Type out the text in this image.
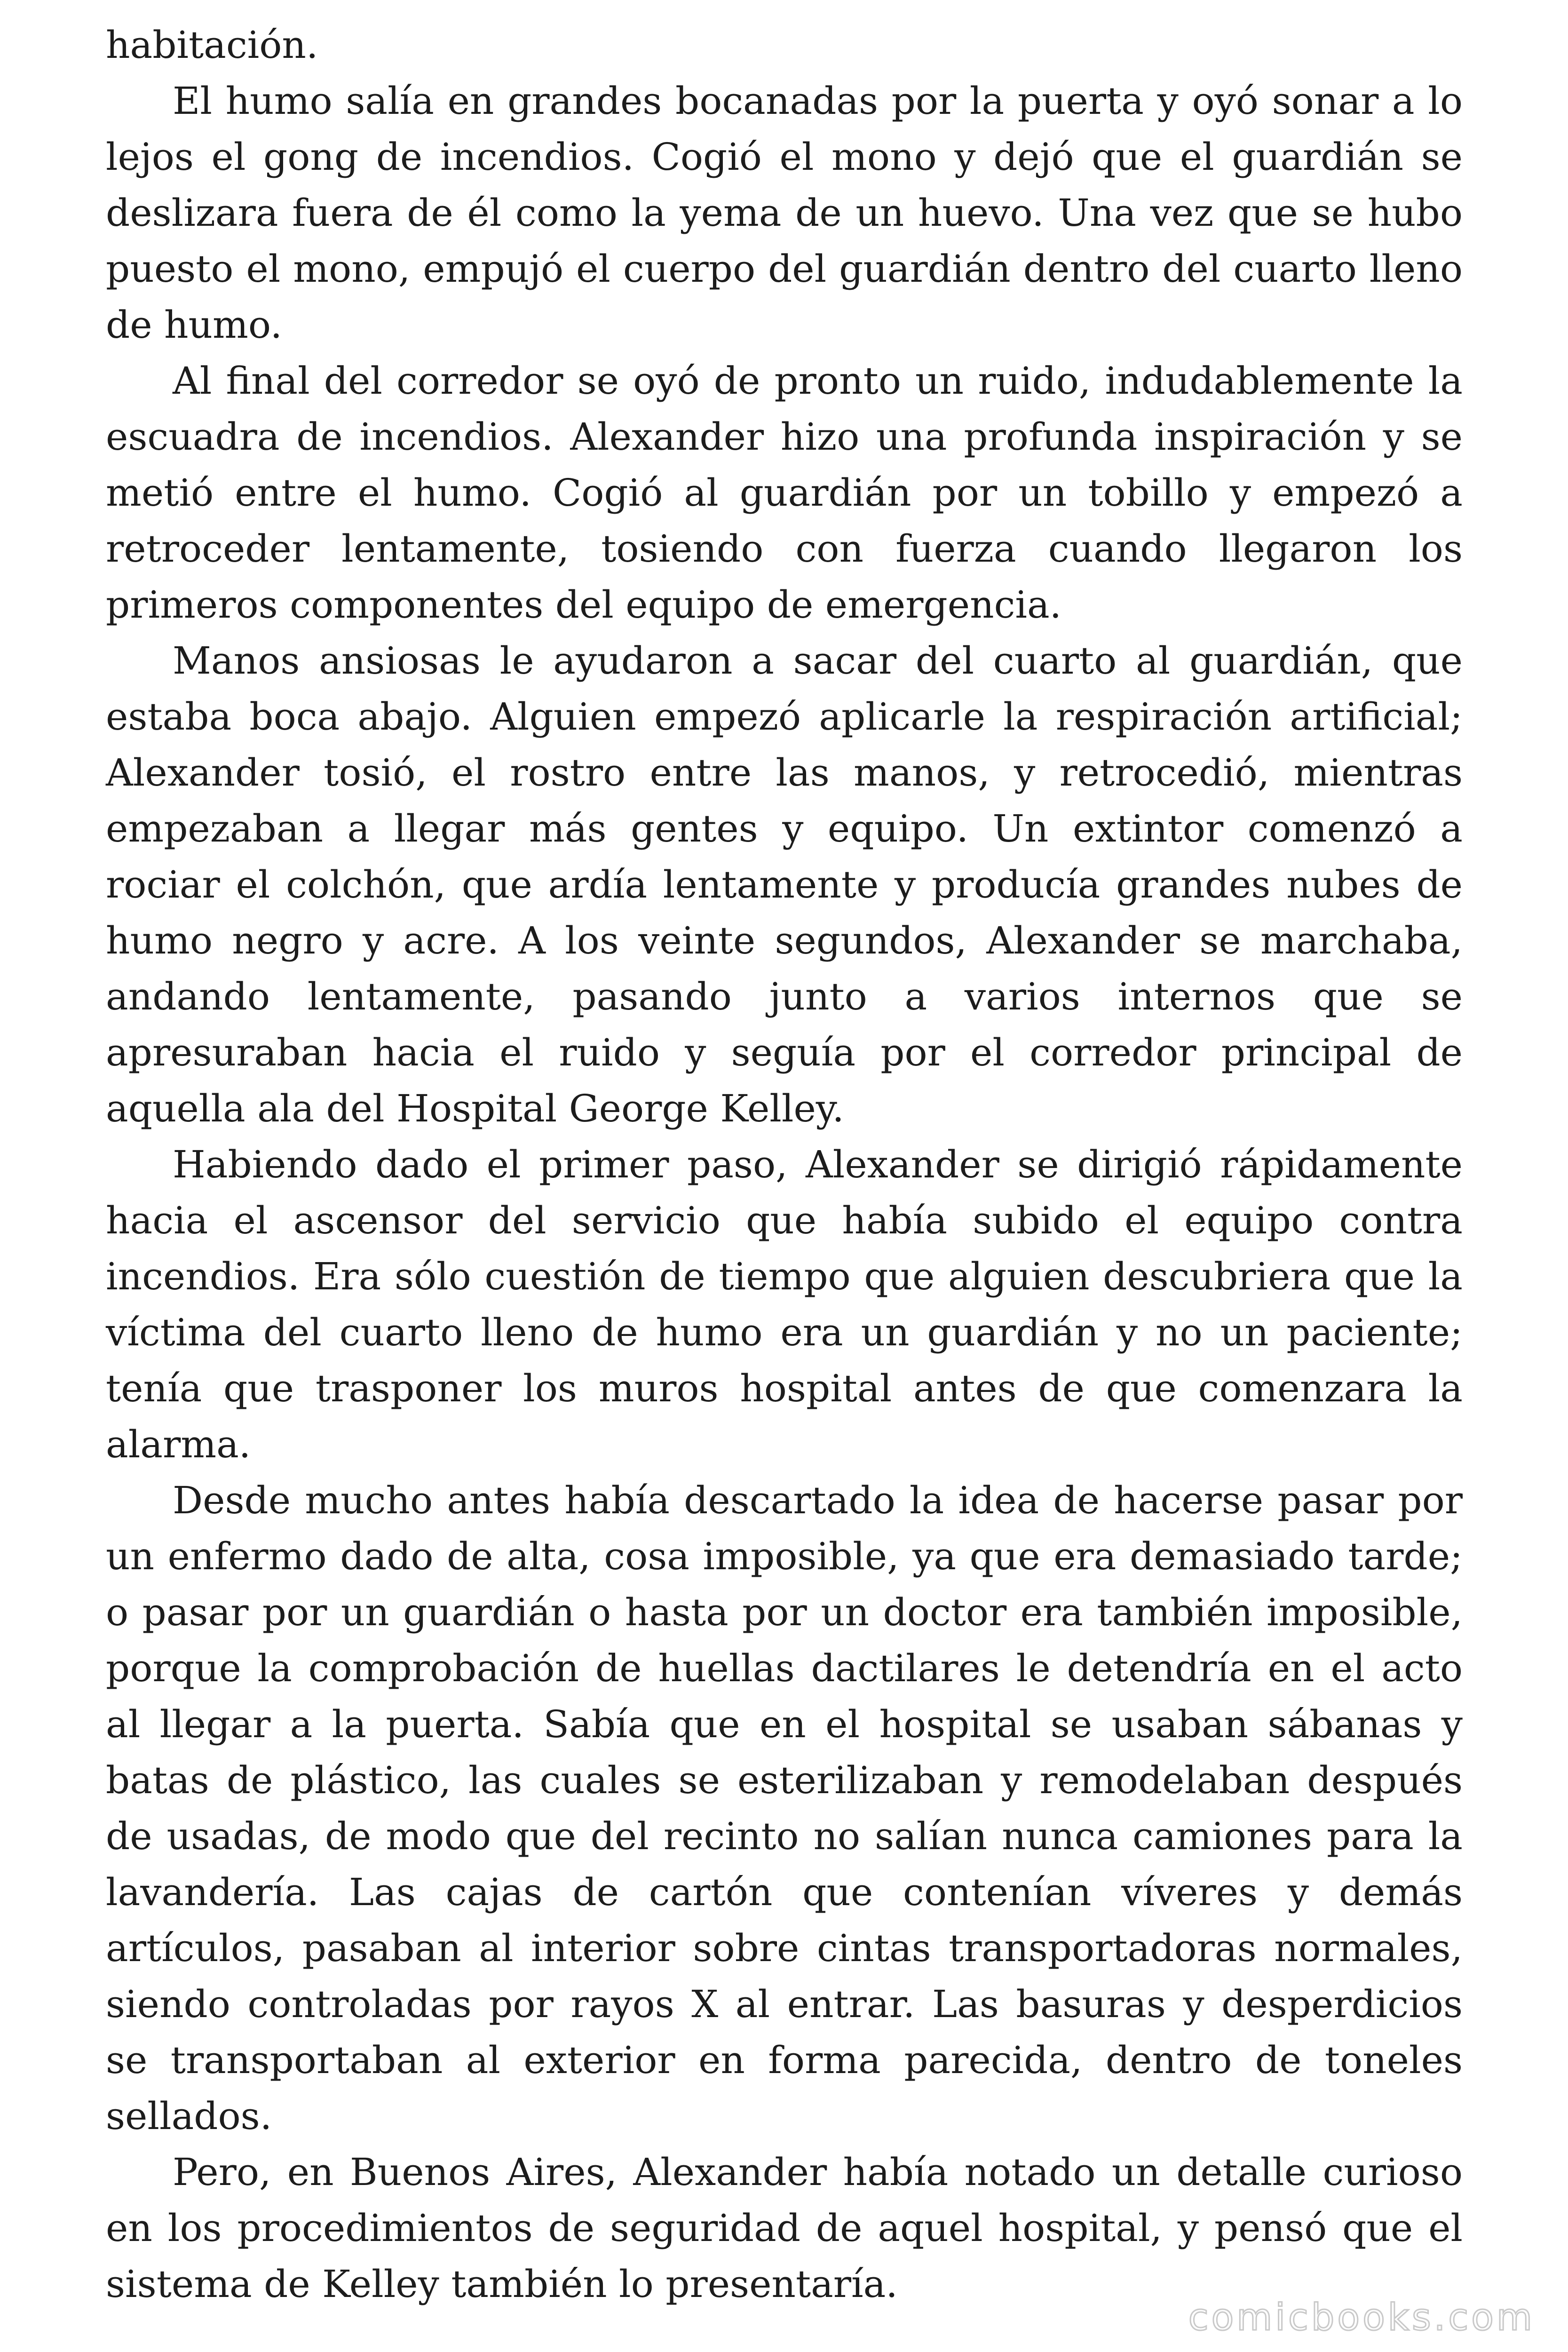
habitación.

El humo salía en grandes bocanadas por la puerta y oyó sonar a lo lejos el gong de incendios. Cogió el mono y dejó que el guardián se deslizara fuera de él como la yema de un huevo. Una vez que se hubo puesto el mono, empujó el cuerpo del guardián dentro del cuarto lleno de humo.

Al final del corredor se oyó de pronto un ruido, indudablemente la escuadra de incendios. Alexander hizo una profunda inspiración y se metió entre el humo. Cogió al guardián por un tobillo y empezó a retroceder lentamente, tosiendo con fuerza cuando llegaron los primeros componentes del equipo de emergencia.

Manos ansiosas le ayudaron a sacar del cuarto al guardián, que estaba boca abajo. Alguien empezó aplicarle la respiración artificial; Alexander tosió, el rostro entre las manos, y retrocedió, mientras empezaban a llegar más gentes y equipo. Un extintor comenzó a rociar el colchón, que ardía lentamente y producía grandes nubes de humo negro y acre. A los veinte segundos, Alexander se marchaba, andando lentamente, pasando junto a varios internos que se apresuraban hacia el ruido y seguía por el corredor principal de aquella ala del Hospital George Kelley.

Habiendo dado el primer paso, Alexander se dirigió rápidamente hacia el ascensor del servicio que había subido el equipo contra incendios. Era sólo cuestión de tiempo que alguien descubriera que la víctima del cuarto lleno de humo era un guardián y no un paciente; tenía que trasponer los muros hospital antes de que comenzara la alarma.

Desde mucho antes había descartado la idea de hacerse pasar por un enfermo dado de alta, cosa imposible, ya que era demasiado tarde; o pasar por un guardián o hasta por un doctor era también imposible, porque la comprobación de huellas dactilares le detendría en el acto al llegar a la puerta. Sabía que en el hospital se usaban sábanas y batas de plástico, las cuales se esterilizaban y remodelaban después de usadas, de modo que del recinto no salían nunca camiones para la lavandería. Las cajas de cartón que contenían víveres y demás artículos, pasaban al interior sobre cintas transportadoras normales, siendo controladas por rayos X al entrar. Las basuras y desperdicios se transportaban al exterior en forma parecida, dentro de toneles sellados.

Pero, en Buenos Aires, Alexander había notado un detalle curioso en los procedimientos de seguridad de aquel hospital, y pensó que el sistema de Kelley también lo presentaría.

comicbooks.com
